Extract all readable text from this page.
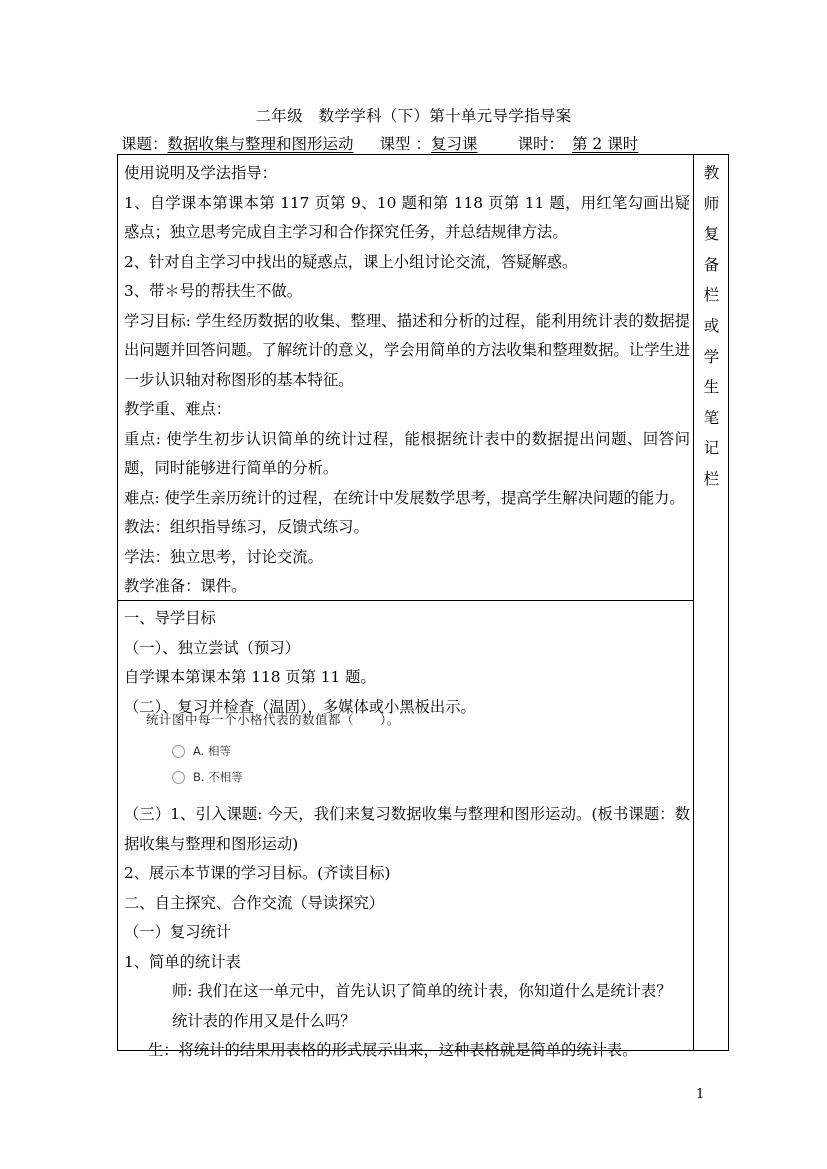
二年级　数学学科（下）第十单元导学指导案
课题：数据收集与整理和图形运动 课型 ：复习课	课时： 第 2 课时
教
师
复
备
栏
或
学
生
笔
记
栏

使用说明及学法指导：

1、自学课本第课本第 117 页第 9、10 题和第 118 页第 11 题，用红笔勾画出疑惑点；独立思考完成自主学习和合作探究任务，并总结规律方法。

2、针对自主学习中找出的疑惑点，课上小组讨论交流，答疑解惑。

3、带＊号的帮扶生不做。

学习目标: 学生经历数据的收集、整理、描述和分析的过程，能利用统计表的数据提出问题并回答问题。了解统计的意义，学会用简单的方法收集和整理数据。让学生进一步认识轴对称图形的基本特征。

教学重、难点：

重点: 使学生初步认识简单的统计过程，能根据统计表中的数据提出问题、回答问题，同时能够进行简单的分析。

难点: 使学生亲历统计的过程，在统计中发展数学思考，提高学生解决问题的能力。

教法：组织指导练习，反馈式练习。

学法：独立思考，讨论交流。

教学准备：课件。

一、导学目标

（一）、独立尝试（预习）

自学课本第课本第 118 页第 11 题。

（二）、复习并检查（温固），多媒体或小黑板出示。

统计图中每一个小格代表的数值都（　　）。
A. 相等
B. 不相等

（三）1、引入课题: 今天，我们来复习数据收集与整理和图形运动。(板书课题：数据收集与整理和图形运动)

2、展示本节课的学习目标。(齐读目标)

二、自主探究、合作交流（导读探究）

（一）复习统计

1、简单的统计表

师: 我们在这一单元中，首先认识了简单的统计表，你知道什么是统计表？

统计表的作用又是什么吗？

生：将统计的结果用表格的形式展示出来，这种表格就是简单的统计表。

1
